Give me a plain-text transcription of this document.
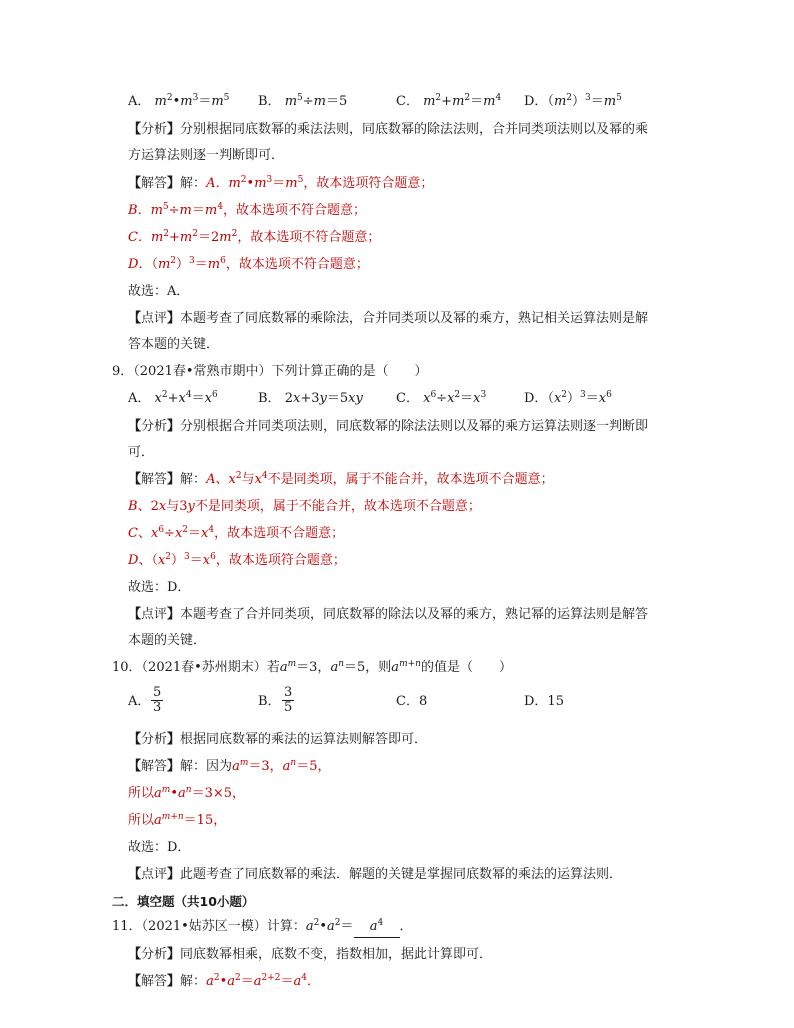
A． $m^2•m^3=m^5$ B． $m^5\div m=5$	C． $m^2+m^2=m^4$ D．$(m^2)^3=m^5$
【分析】分别根据同底数幂的乘法法则，同底数幂的除法法则，合并同类项法则以及幂的乘
方运算法则逐一判断即可．
【解答】解：A．$m^2•m^3=m^5$，故本选项符合题意；
B．$m^5\div m=m^4$，故本选项不符合题意；
C．$m^2+m^2=2m^2$，故本选项不符合题意；
D．$(m^2)^3=m^6$，故本选项不符合题意；
故选：A．
【点评】本题考查了同底数幂的乘除法，合并同类项以及幂的乘方，熟记相关运算法则是解
答本题的关键．
9．（2021春•常熟市期中）下列计算正确的是（　　）
A． $x^2+x^4=x^6$	B． 2x+3y＝5xy	C． $x^6\div x^2=x^3$	D．$(x^2)^3=x^6$
【分析】分别根据合并同类项法则，同底数幂的除法法则以及幂的乘方运算法则逐一判断即
可．
【解答】解：A、$x^2$与$x^4$不是同类项，属于不能合并，故本选项不合题意；
B、2x与3y不是同类项，属于不能合并，故本选项不合题意；
C、$x^6\div x^2=x^4$，故本选项不合题意；
D、$(x^2)^3=x^6$，故本选项符合题意；
故选：D．
【点评】本题考查了合并同类项，同底数幂的除法以及幂的乘方，熟记幂的运算法则是解答
本题的关键．
10．（2021春•苏州期末）若$a^m=3$，$a^n=5$，则$a^{m+n}$的值是（　　）
A． $\frac{5}{3}$	B． $\frac{3}{5}$	C．8	D．15
【分析】根据同底数幂的乘法的运算法则解答即可．
【解答】解：因为$a^m=3$，$a^n=5$，
所以$a^m•a^n=3\times 5$，
所以$a^{m+n}=15$，
故选：D．
【点评】此题考查了同底数幂的乘法．解题的关键是掌握同底数幂的乘法的运算法则．
二．填空题（共10小题）
11．（2021•姑苏区一模）计算：$a^2•a^2= a^4$ ．
【分析】同底数幂相乘，底数不变，指数相加，据此计算即可．
【解答】解：$a^2•a^2=a^{2+2}=a^4$．
